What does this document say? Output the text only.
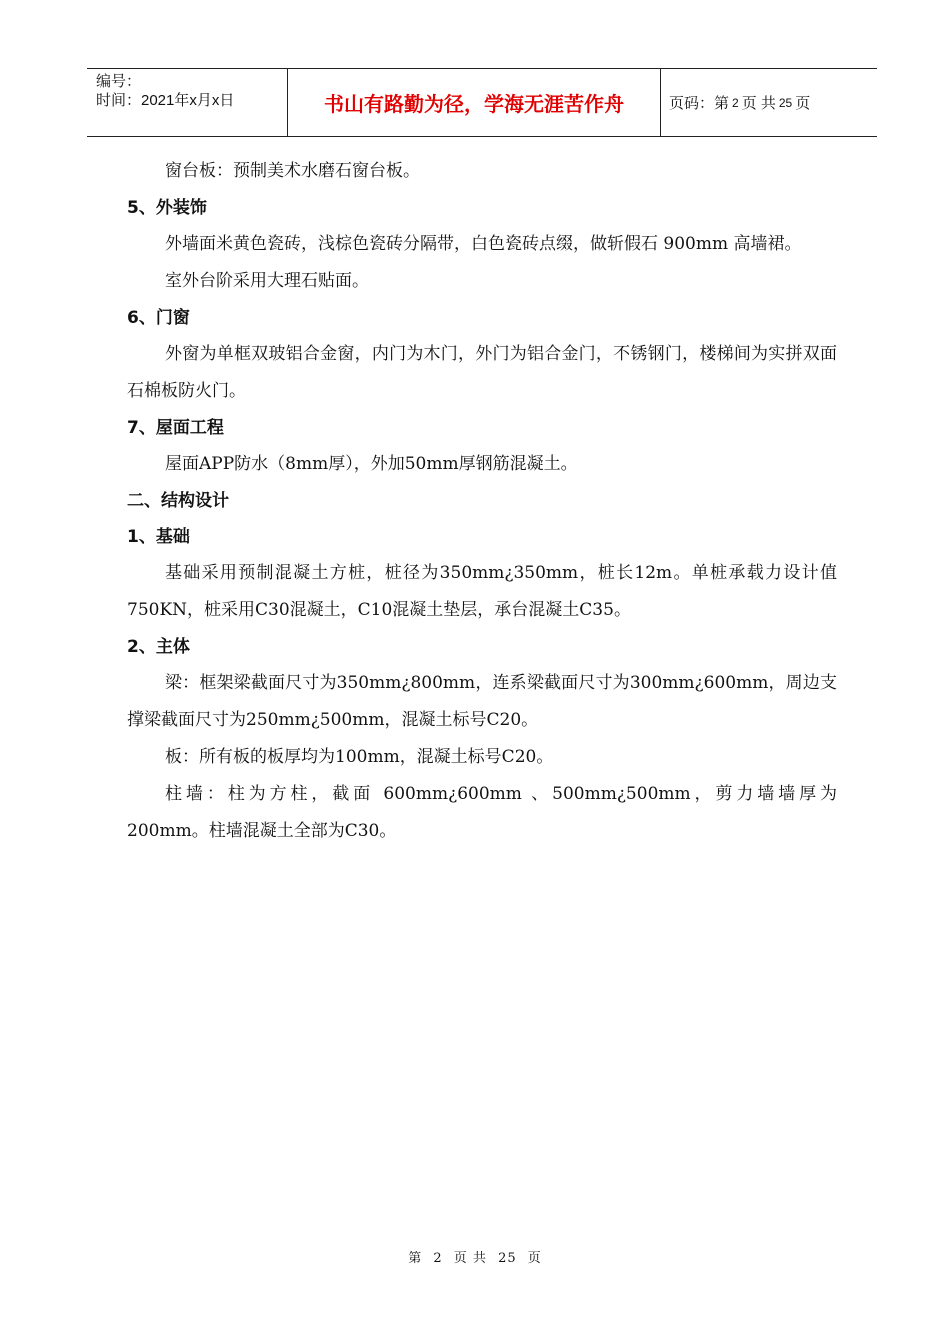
编号：
时间：2021年x月x日	书山有路勤为径，学海无涯苦作舟	页码：第 2 页 共 25 页

窗台板：预制美术水磨石窗台板。

5、外装饰

外墙面米黄色瓷砖，浅棕色瓷砖分隔带，白色瓷砖点缀，做斩假石 900mm 高墙裙。

室外台阶采用大理石贴面。

6、门窗

外窗为单框双玻铝合金窗，内门为木门，外门为铝合金门，不锈钢门，楼梯间为实拼双面石棉板防火门。

7、屋面工程

屋面APP防水（8mm厚），外加50mm厚钢筋混凝土。

二、结构设计

1、基础

基础采用预制混凝土方桩，桩径为350mm¿350mm，桩长12m。单桩承载力设计值750KN，桩采用C30混凝土，C10混凝土垫层，承台混凝土C35。

2、主体

梁：框架梁截面尺寸为350mm¿800mm，连系梁截面尺寸为300mm¿600mm，周边支撑梁截面尺寸为250mm¿500mm，混凝土标号C20。

板：所有板的板厚均为100mm，混凝土标号C20。

柱墙：柱为方柱，截面 600mm¿600mm 、500mm¿500mm，剪力墙墙厚为200mm。柱墙混凝土全部为C30。

第 2 页 共 25 页
